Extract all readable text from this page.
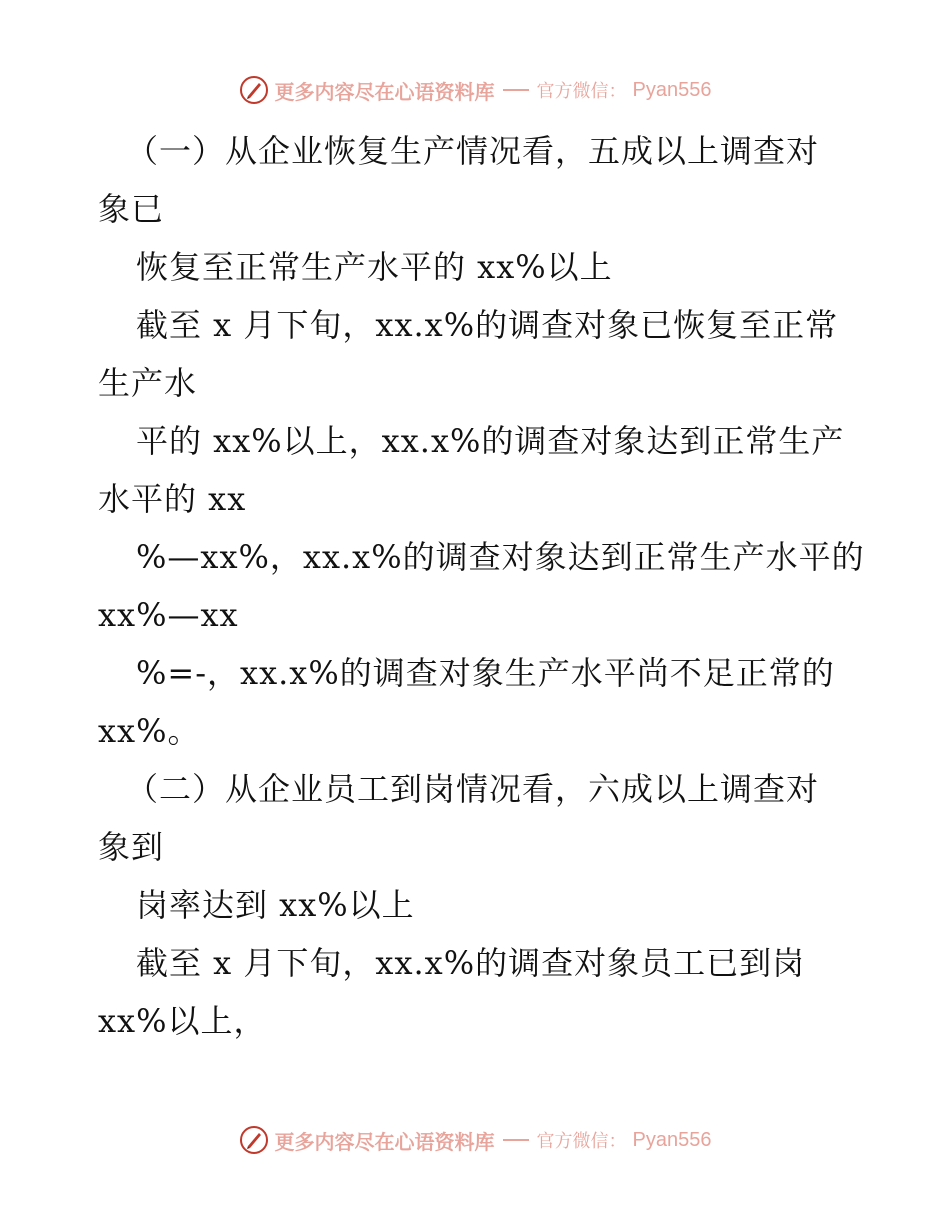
更多内容尽在心语资料库 官方微信： Pyan556
（一）从企业恢复生产情况看，五成以上调查对
象已
恢复至正常生产水平的 xx%以上
截至 x 月下旬，xx.x%的调查对象已恢复至正常
生产水
平的 xx%以上，xx.x%的调查对象达到正常生产
水平的 xx
%—xx%，xx.x%的调查对象达到正常生产水平的
xx%—xx
%=-，xx.x%的调查对象生产水平尚不足正常的
xx%。
（二）从企业员工到岗情况看，六成以上调查对
象到
岗率达到 xx%以上
截至 x 月下旬，xx.x%的调查对象员工已到岗
xx%以上，
更多内容尽在心语资料库 官方微信： Pyan556
